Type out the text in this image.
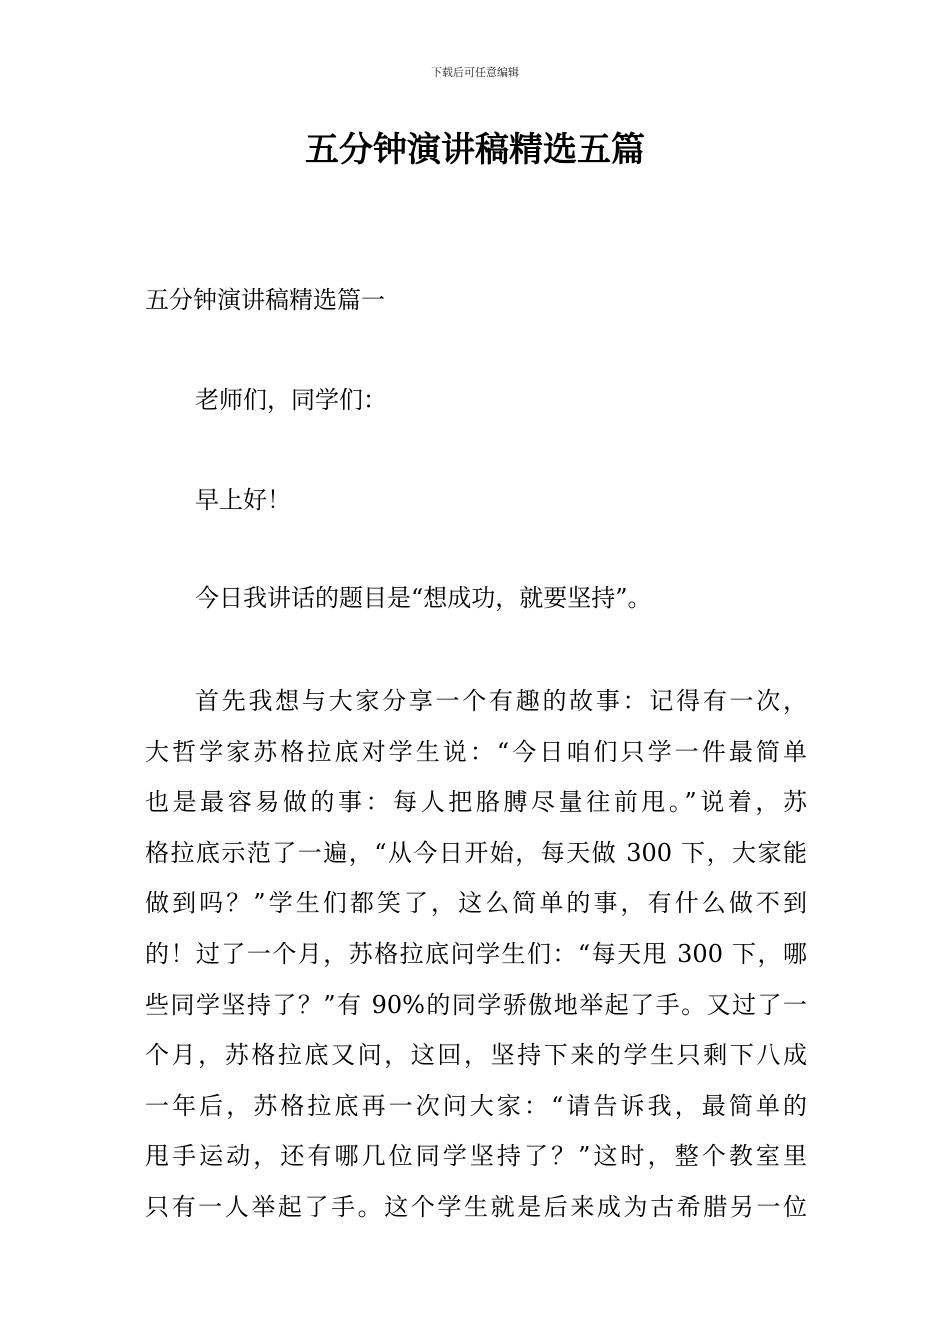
下载后可任意编辑
五分钟演讲稿精选五篇
五分钟演讲稿精选篇一

老师们，同学们：

早上好！

今日我讲话的题目是“想成功，就要坚持”。

首先我想与大家分享一个有趣的故事：记得有一次，
大哲学家苏格拉底对学生说：“今日咱们只学一件最简单
也是最容易做的事：每人把胳膊尽量往前甩。”说着，苏
格拉底示范了一遍，“从今日开始，每天做 300 下，大家能
做到吗？”学生们都笑了，这么简单的事，有什么做不到
的！过了一个月，苏格拉底问学生们：“每天甩 300 下，哪
些同学坚持了？”有 90%的同学骄傲地举起了手。又过了一
个月，苏格拉底又问，这回，坚持下来的学生只剩下八成
一年后，苏格拉底再一次问大家：“请告诉我，最简单的
甩手运动，还有哪几位同学坚持了？”这时，整个教室里
只有一人举起了手。这个学生就是后来成为古希腊另一位
